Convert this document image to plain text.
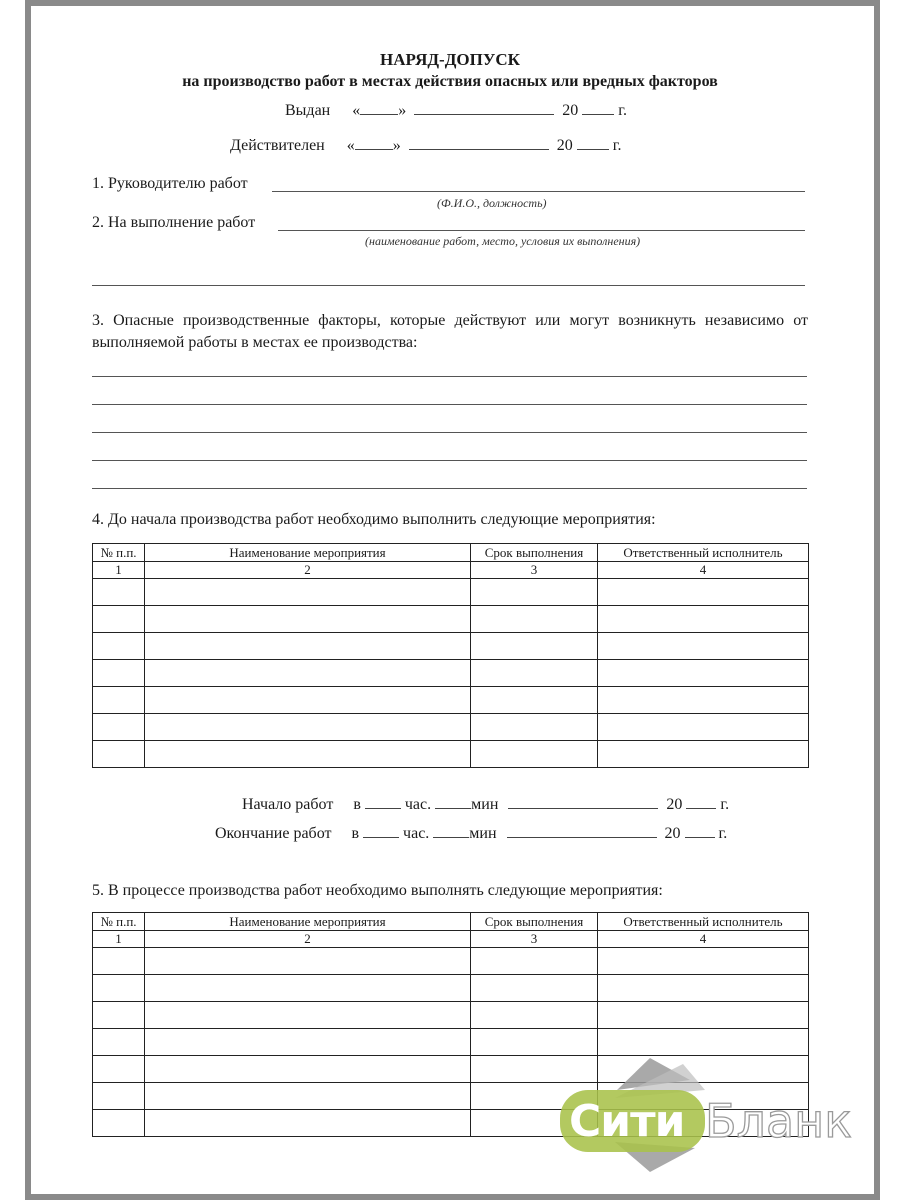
НАРЯД-ДОПУСК
на производство работ в местах действия опасных или вредных факторов
Выдан « »	20	г.
Действителен « »	20	г.
1. Руководителю работ
(Ф.И.О., должность)
2. На выполнение работ
(наименование работ, место, условия их выполнения)
3. Опасные производственные факторы, которые действуют или могут возникнуть независимо от выполняемой работы в местах ее производства:
4. До начала производства работ необходимо выполнить следующие мероприятия:
№ п.п.	Наименование мероприятия	Срок выполнения	Ответственный исполнитель
1	2	3	4

Начало работ в	час.	мин	20 г.
Окончание работ в	час.	мин	20 г.
5. В процессе производства работ необходимо выполнять следующие мероприятия:
№ п.п.	Наименование мероприятия	Срок выполнения	Ответственный исполнитель
1	2	3	4

Сити Бланк
